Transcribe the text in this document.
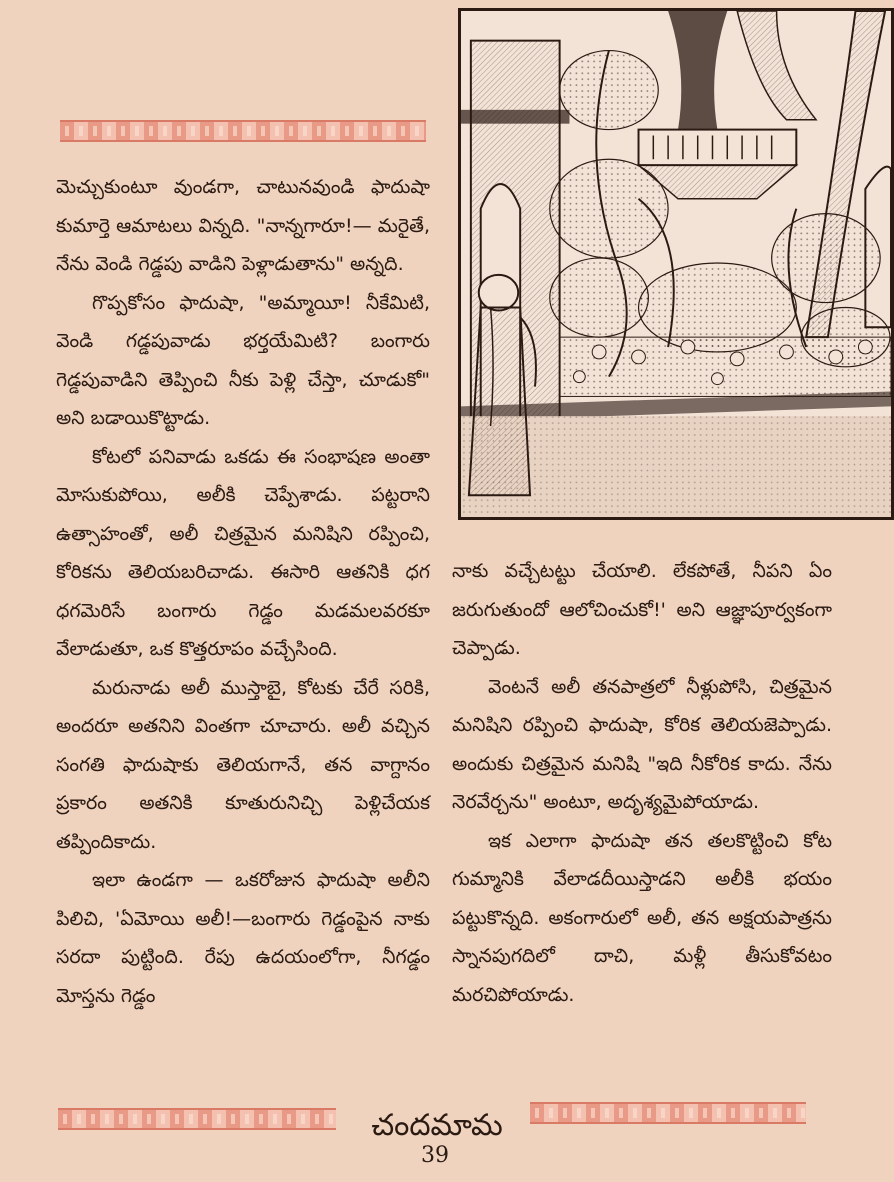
మెచ్చుకుంటూ వుండగా, చాటునవుండి ఫాదుషా కుమార్తె ఆమాటలు విన్నది. "నాన్నగారూ!— మరైతే, నేను వెండి గెడ్డపు వాడిని పెళ్లాడుతాను" అన్నది.

గొప్పకోసం ఫాదుషా, "అమ్మాయీ! నీకేమిటి, వెండి గడ్డపువాడు భర్తయేమిటి? బంగారు గెడ్డపువాడిని తెప్పించి నీకు పెళ్లి చేస్తా, చూడుకో" అని బడాయికొట్టాడు.

కోటలో పనివాడు ఒకడు ఈ సంభాషణ అంతా మోసుకుపోయి, అలీకి చెప్పేశాడు. పట్టరాని ఉత్సాహంతో, అలీ చిత్రమైన మనిషిని రప్పించి, కోరికను తెలియబరిచాడు. ఈసారి ఆతనికి ధగ ధగమెరిసే బంగారు గెడ్డం మడమలవరకూ వేలాడుతూ, ఒక కొత్తరూపం వచ్చేసింది.

మరునాడు అలీ ముస్తాబై, కోటకు చేరే సరికి, అందరూ అతనిని వింతగా చూచారు. అలీ వచ్చిన సంగతి ఫాదుషాకు తెలియగానే, తన వాగ్దానం ప్రకారం అతనికి కూతురునిచ్చి పెళ్లిచేయక తప్పిందికాదు.

ఇలా ఉండగా — ఒకరోజున ఫాదుషా అలీని పిలిచి, 'ఏమోయి అలీ!—బంగారు గెడ్డంపైన నాకు సరదా పుట్టింది. రేపు ఉదయంలోగా, నీగడ్డం మోస్తను గెడ్డం

నాకు వచ్చేటట్టు చేయాలి. లేకపోతే, నీపని ఏం జరుగుతుందో ఆలోచించుకో!' అని ఆజ్ఞాపూర్వకంగా చెప్పాడు.

వెంటనే అలీ తనపాత్రలో నీళ్లుపోసి, చిత్రమైన మనిషిని రప్పించి ఫాదుషా, కోరిక తెలియజెప్పాడు. అందుకు చిత్రమైన మనిషి "ఇది నీకోరిక కాదు. నేను నెరవేర్చను" అంటూ, అదృశ్యమైపోయాడు.

ఇక ఎలాగా ఫాదుషా తన తలకొట్టించి కోట గుమ్మానికి వేలాడదీయిస్తాడని అలీకి భయం పట్టుకొన్నది. అకంగారులో అలీ, తన అక్షయపాత్రను స్నానపుగదిలో దాచి, మళ్లీ తీసుకోవటం మరచిపోయాడు.

చందమామ
39
